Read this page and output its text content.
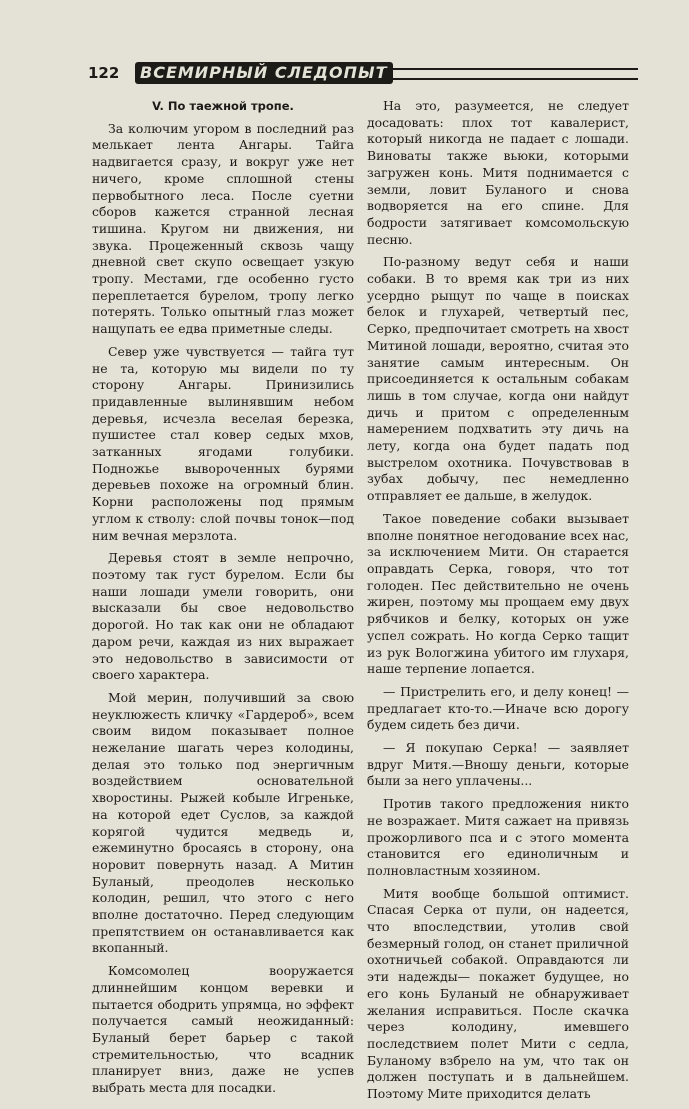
122	ВСЕМИРНЫЙ СЛЕДОПЫТ
V. По таежной тропе.

За колючим угором в последний раз мелькает лента Ангары. Тайга надвигается сразу, и вокруг уже нет ничего, кроме сплошной стены первобытного леса. После суетни сборов кажется странной лесная тишина. Кругом ни движения, ни звука. Процеженный сквозь чащу дневной свет скупо освещает узкую тропу. Местами, где особенно густо переплетается бурелом, тропу легко потерять. Только опытный глаз может нащупать ее едва приметные следы.

Север уже чувствуется — тайга тут не та, которую мы видели по ту сторону Ангары. Принизились придавленные вылинявшим небом деревья, исчезла веселая березка, пушистее стал ковер седых мхов, затканных ягодами голубики. Подножье вывороченных бурями деревьев похоже на огромный блин. Корни расположены под прямым углом к стволу: слой почвы тонок—под ним вечная мерзлота.

Деревья стоят в земле непрочно, поэтому так густ бурелом. Если бы наши лошади умели говорить, они высказали бы свое недовольство дорогой. Но так как они не обладают даром речи, каждая из них выражает это недовольство в зависимости от своего характера.

Мой мерин, получивший за свою неуклюжесть кличку «Гардероб», всем своим видом показывает полное нежелание шагать через колодины, делая это только под энергичным воздействием основательной хворостины. Рыжей кобыле Игреньке, на которой едет Суслов, за каждой корягой чудится медведь и, ежеминутно бросаясь в сторону, она норовит повернуть назад. А Митин Буланый, преодолев несколько колодин, решил, что этого с него вполне достаточно. Перед следующим препятствием он останавливается как вкопанный.

Комсомолец вооружается длиннейшим концом веревки и пытается ободрить упрямца, но эффект получается самый неожиданный: Буланый берет барьер с такой стремительностью, что всадник планирует вниз, даже не успев выбрать места для посадки.

На это, разумеется, не следует досадовать: плох тот кавалерист, который никогда не падает с лошади. Виноваты также вьюки, которыми загружен конь. Митя поднимается с земли, ловит Буланого и снова водворяется на его спине. Для бодрости затягивает комсомольскую песню.

По-разному ведут себя и наши собаки. В то время как три из них усердно рыщут по чаще в поисках белок и глухарей, четвертый пес, Серко, предпочитает смотреть на хвост Митиной лошади, вероятно, считая это занятие самым интересным. Он присоединяется к остальным собакам лишь в том случае, когда они найдут дичь и притом с определенным намерением подхватить эту дичь на лету, когда она будет падать под выстрелом охотника. Почувствовав в зубах добычу, пес немедленно отправляет ее дальше, в желудок.

Такое поведение собаки вызывает вполне понятное негодование всех нас, за исключением Мити. Он старается оправдать Серка, говоря, что тот голоден. Пес действительно не очень жирен, поэтому мы прощаем ему двух рябчиков и белку, которых он уже успел сожрать. Но когда Серко тащит из рук Вологжина убитого им глухаря, наше терпение лопается.

— Пристрелить его, и делу конец! — предлагает кто-то.—Иначе всю дорогу будем сидеть без дичи.

— Я покупаю Серка! — заявляет вдруг Митя.—Вношу деньги, которые были за него уплачены...

Против такого предложения никто не возражает. Митя сажает на привязь прожорливого пса и с этого момента становится его единоличным и полновластным хозяином.

Митя вообще большой оптимист. Спасая Серка от пули, он надеется, что впоследствии, утолив свой безмерный голод, он станет приличной охотничьей собакой. Оправдаются ли эти надежды— покажет будущее, но его конь Буланый не обнаруживает желания исправиться. После скачка через колодину, имевшего последствием полет Мити с седла, Буланому взбрело на ум, что так он должен поступать и в дальнейшем. Поэтому Мите приходится делать
